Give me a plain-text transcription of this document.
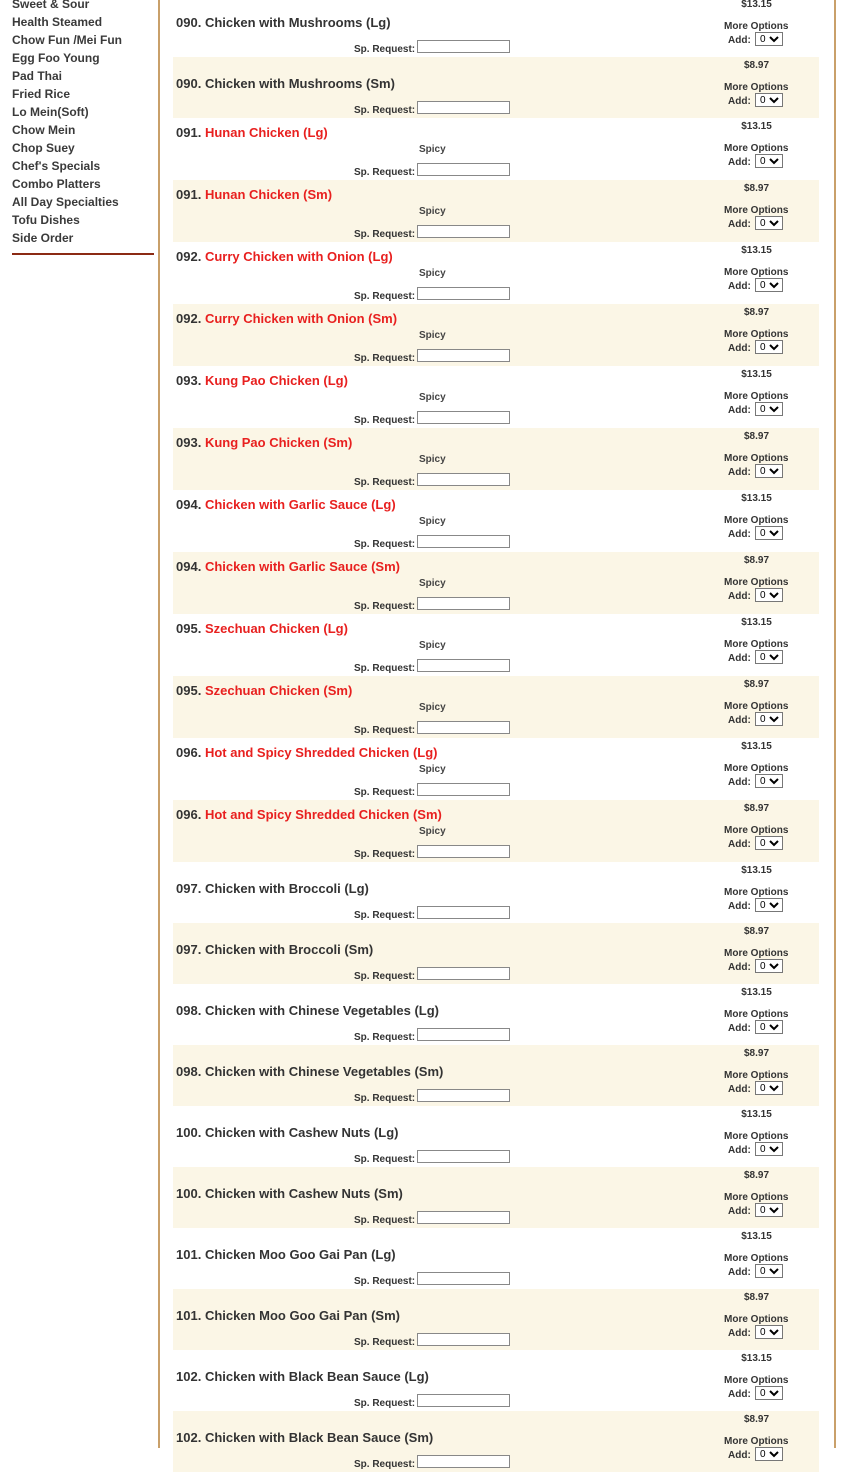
Sweet & Sour
Health Steamed
Chow Fun /Mei Fun
Egg Foo Young
Pad Thai
Fried Rice
Lo Mein(Soft)
Chow Mein
Chop Suey
Chef's Specials
Combo Platters
All Day Specialties
Tofu Dishes
Side Order
$13.15
090. Chicken with Mushrooms (Lg)	More Options
Add:
0
Sp. Request:
$8.97
090. Chicken with Mushrooms (Sm)	More Options
Add:
0
Sp. Request:
$13.15
091. Hunan Chicken (Lg)
Spicy	More Options
Add:
0
Sp. Request:
$8.97
091. Hunan Chicken (Sm)
Spicy	More Options
Add:
0
Sp. Request:
$13.15
092. Curry Chicken with Onion (Lg)
Spicy	More Options
Add:
0
Sp. Request:
$8.97
092. Curry Chicken with Onion (Sm)
Spicy	More Options
Add:
0
Sp. Request:
$13.15
093. Kung Pao Chicken (Lg)
Spicy	More Options
Add:
0
Sp. Request:
$8.97
093. Kung Pao Chicken (Sm)
Spicy	More Options
Add:
0
Sp. Request:
$13.15
094. Chicken with Garlic Sauce (Lg)
Spicy	More Options
Add:
0
Sp. Request:
$8.97
094. Chicken with Garlic Sauce (Sm)
Spicy	More Options
Add:
0
Sp. Request:
$13.15
095. Szechuan Chicken (Lg)
Spicy	More Options
Add:
0
Sp. Request:
$8.97
095. Szechuan Chicken (Sm)
Spicy	More Options
Add:
0
Sp. Request:
$13.15
096. Hot and Spicy Shredded Chicken (Lg)
Spicy	More Options
Add:
0
Sp. Request:
$8.97
096. Hot and Spicy Shredded Chicken (Sm)
Spicy	More Options
Add:
0
Sp. Request:
$13.15
097. Chicken with Broccoli (Lg)	More Options
Add:
0
Sp. Request:
$8.97
097. Chicken with Broccoli (Sm)	More Options
Add:
0
Sp. Request:
$13.15
098. Chicken with Chinese Vegetables (Lg)	More Options
Add:
0
Sp. Request:
$8.97
098. Chicken with Chinese Vegetables (Sm)	More Options
Add:
0
Sp. Request:
$13.15
100. Chicken with Cashew Nuts (Lg)	More Options
Add:
0
Sp. Request:
$8.97
100. Chicken with Cashew Nuts (Sm)	More Options
Add:
0
Sp. Request:
$13.15
101. Chicken Moo Goo Gai Pan (Lg)	More Options
Add:
0
Sp. Request:
$8.97
101. Chicken Moo Goo Gai Pan (Sm)	More Options
Add:
0
Sp. Request:
$13.15
102. Chicken with Black Bean Sauce (Lg)	More Options
Add:
0
Sp. Request:
$8.97
102. Chicken with Black Bean Sauce (Sm)	More Options
Add:
0
Sp. Request:
